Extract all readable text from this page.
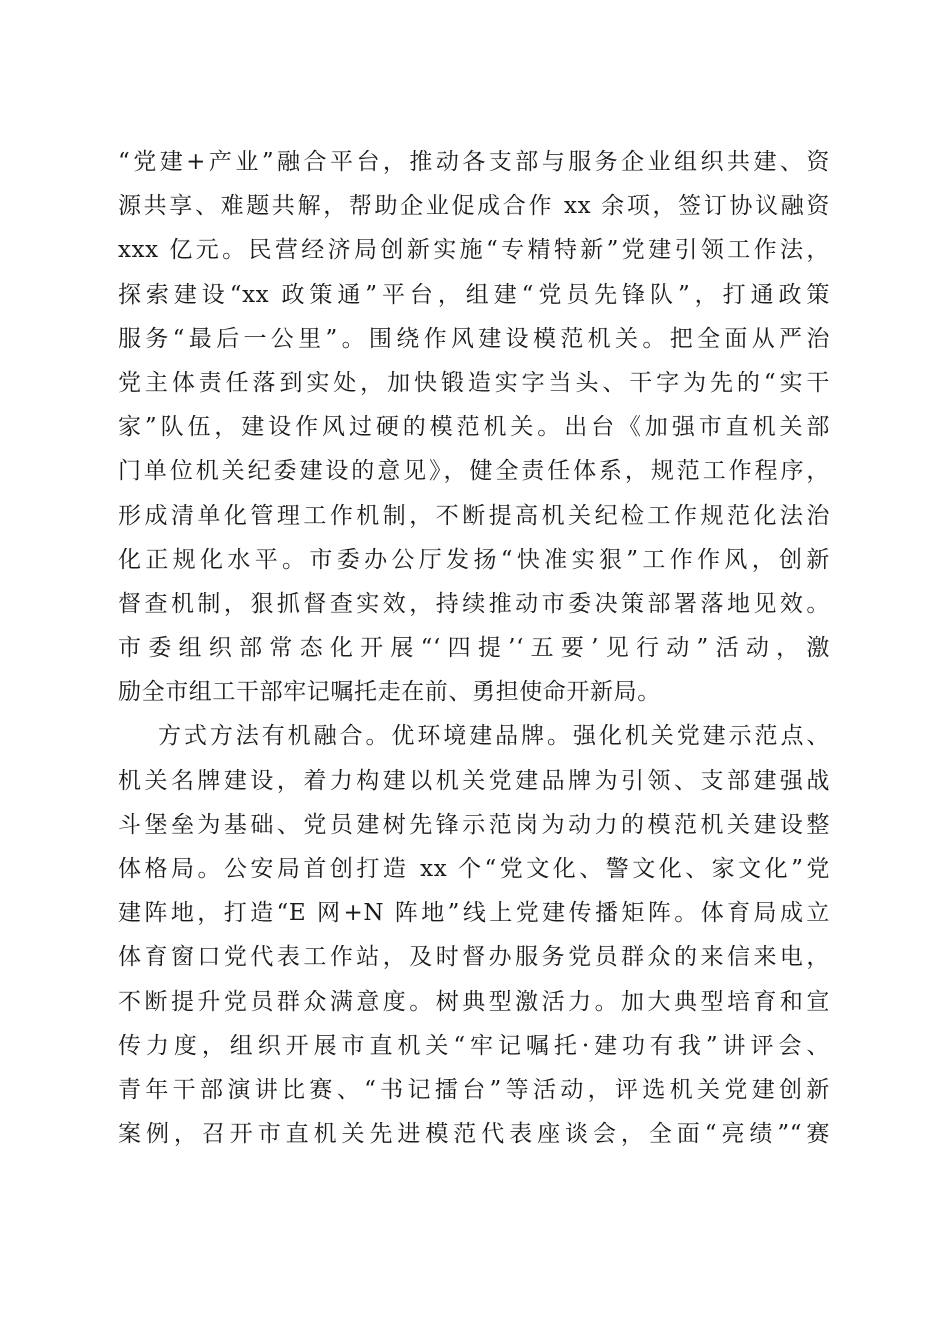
“党建+产业”融合平台，推动各支部与服务企业组织共建、资
源共享、难题共解，帮助企业促成合作 xx 余项，签订协议融资
xxx 亿元。民营经济局创新实施“专精特新”党建引领工作法，
探索建设“xx 政策通”平台，组建“党员先锋队”，打通政策
服务“最后一公里”。围绕作风建设模范机关。把全面从严治
党主体责任落到实处，加快锻造实字当头、干字为先的“实干
家”队伍，建设作风过硬的模范机关。出台《加强市直机关部
门单位机关纪委建设的意见》，健全责任体系，规范工作程序，
形成清单化管理工作机制，不断提高机关纪检工作规范化法治
化正规化水平。市委办公厅发扬“快准实狠”工作作风，创新
督查机制，狠抓督查实效，持续推动市委决策部署落地见效。
市委组织部常态化开展“‘四提’‘五要’见行动”活动，激
励全市组工干部牢记嘱托走在前、勇担使命开新局。
方式方法有机融合。优环境建品牌。强化机关党建示范点、
机关名牌建设，着力构建以机关党建品牌为引领、支部建强战
斗堡垒为基础、党员建树先锋示范岗为动力的模范机关建设整
体格局。公安局首创打造 xx 个“党文化、警文化、家文化”党
建阵地，打造“E 网+N 阵地”线上党建传播矩阵。体育局成立
体育窗口党代表工作站，及时督办服务党员群众的来信来电，
不断提升党员群众满意度。树典型激活力。加大典型培育和宣
传力度，组织开展市直机关“牢记嘱托·建功有我”讲评会、
青年干部演讲比赛、“书记擂台”等活动，评选机关党建创新
案例，召开市直机关先进模范代表座谈会，全面“亮绩”“赛
